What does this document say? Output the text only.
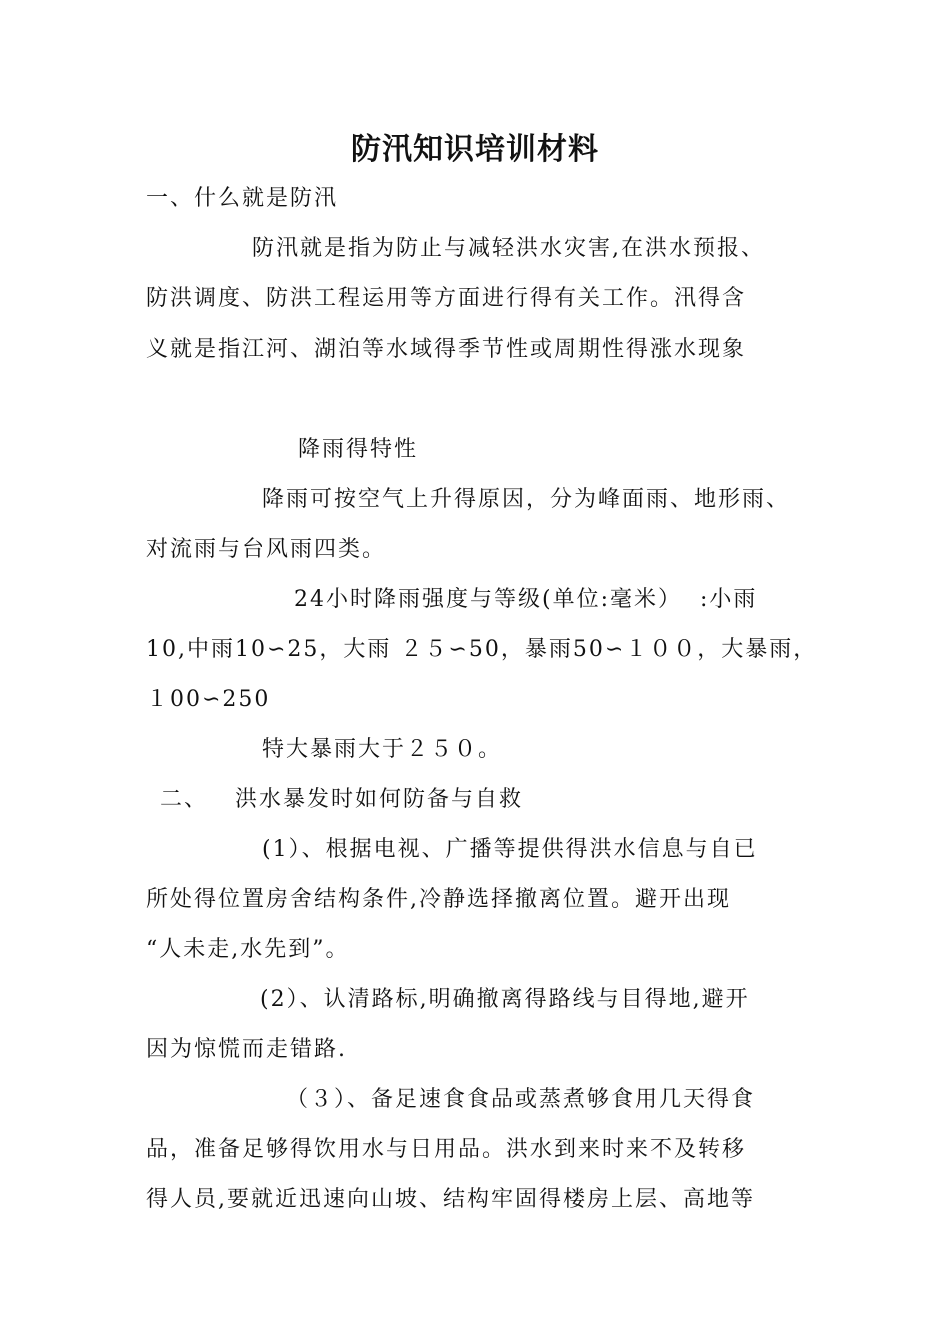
防汛知识培训材料
一、什么就是防汛
防汛就是指为防止与减轻洪水灾害,在洪水预报、
防洪调度、防洪工程运用等方面进行得有关工作。汛得含
义就是指江河、湖泊等水域得季节性或周期性得涨水现象
降雨得特性
降雨可按空气上升得原因，分为峰面雨、地形雨、
对流雨与台风雨四类。
24小时降雨强度与等级(单位:毫米）  :小雨
10,中雨10∽25，大雨 ２５∽50，暴雨50∽１００，大暴雨，
１00∽250
特大暴雨大于２５０。
二、   洪水暴发时如何防备与自救
(1）、根据电视、广播等提供得洪水信息与自已
所处得位置房舍结构条件,冷静选择撤离位置。避开出现
“人未走,水先到”。
(2）、认清路标,明确撤离得路线与目得地,避开
因为惊慌而走错路.
（３）、备足速食食品或蒸煮够食用几天得食
品，准备足够得饮用水与日用品。洪水到来时来不及转移
得人员,要就近迅速向山坡、结构牢固得楼房上层、高地等
